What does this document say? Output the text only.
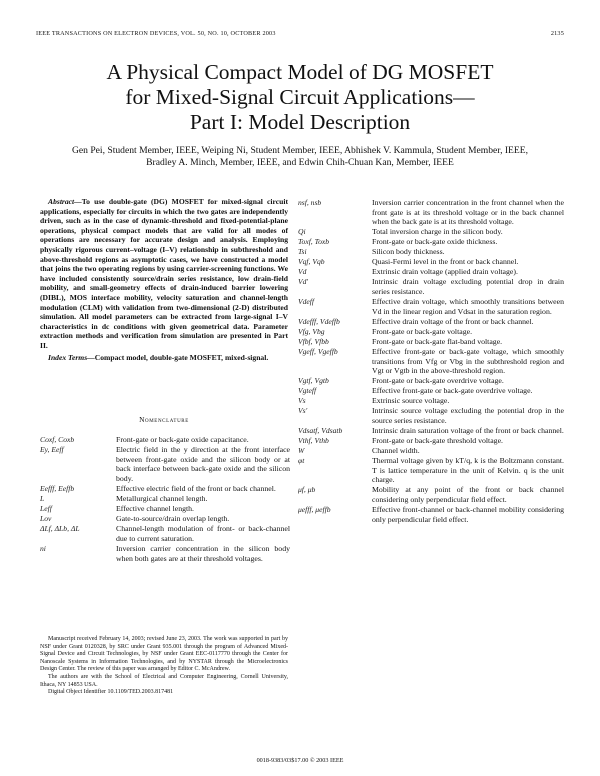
IEEE TRANSACTIONS ON ELECTRON DEVICES, VOL. 50, NO. 10, OCTOBER 2003	2135
A Physical Compact Model of DG MOSFET
for Mixed-Signal Circuit Applications—
Part I: Model Description
Gen Pei, Student Member, IEEE, Weiping Ni, Student Member, IEEE, Abhishek V. Kammula, Student Member, IEEE,
Bradley A. Minch, Member, IEEE, and Edwin Chih-Chuan Kan, Member, IEEE
Abstract—To use double-gate (DG) MOSFET for mixed-signal circuit applications, especially for circuits in which the two gates are independently driven, such as in the case of dynamic-threshold and fixed-potential-plane operations, physical compact models that are valid for all modes of operations are necessary for accurate design and analysis. Employing physically rigorous current–voltage (I–V) relationship in subthreshold and above-threshold regions as asymptotic cases, we have constructed a model that joins the two operating regions by using carrier-screening functions. We have included consistently source/drain series resistance, low drain-field mobility, and small-geometry effects of drain-induced barrier lowering (DIBL), MOS interface mobility, velocity saturation and channel-length modulation (CLM) with validation from two-dimensional (2-D) distributed simulation. All model parameters can be extracted from large-signal I–V characteristics in dc conditions with given geometrical data. Parameter extraction methods and verification from simulation are presented in Part II.
Index Terms—Compact model, double-gate MOSFET, mixed-signal.
Nomenclature
Coxf, Coxb	Front-gate or back-gate oxide capacitance.
Ey, Eeff	Electric field in the y direction at the front interface between front-gate oxide and the silicon body or at back interface between back-gate oxide and the silicon body.
Eefff, Eeffb	Effective electric field of the front or back channel.
L	Metallurgical channel length.
Leff	Effective channel length.
Lov	Gate-to-source/drain overlap length.
ΔLf, ΔLb, ΔL	Channel-length modulation of front- or back-channel due to current saturation.
ni	Inversion carrier concentration in the silicon body when both gates are at their threshold voltages.
nsf, nsb	Inversion carrier concentration in the front channel when the front gate is at its threshold voltage or in the back channel when the back gate is at its threshold voltage.
Qi	Total inversion charge in the silicon body.
Toxf, Toxb	Front-gate or back-gate oxide thickness.
Tsi	Silicon body thickness.
Vqf, Vqb	Quasi-Fermi level in the front or back channel.
Vd	Extrinsic drain voltage (applied drain voltage).
Vd'	Intrinsic drain voltage excluding potential drop in drain series resistance.
Vdeff	Effective drain voltage, which smoothly transitions between Vd in the linear region and Vdsat in the saturation region.
Vdefff, Vdeffb	Effective drain voltage of the front or back channel.
Vfg, Vbg	Front-gate or back-gate voltage.
Vfbf, Vfbb	Front-gate or back-gate flat-band voltage.
Vgeff, Vgeffb	Effective front-gate or back-gate voltage, which smoothly transitions from Vfg or Vbg in the subthreshold region and Vgt or Vgtb in the above-threshold region.
Vgtf, Vgtb	Front-gate or back-gate overdrive voltage.
Vgteff	Effective front-gate or back-gate overdrive voltage.
Vs	Extrinsic source voltage.
Vs'	Intrinsic source voltage excluding the potential drop in the source series resistance.
Vdsatf, Vdsatb	Intrinsic drain saturation voltage of the front or back channel.
Vthf, Vthb	Front-gate or back-gate threshold voltage.
W	Channel width.
φt	Thermal voltage given by kT/q, k is the Boltzmann constant. T is lattice temperature in the unit of Kelvin. q is the unit charge.
μf, μb	Mobility at any point of the front or back channel considering only perpendicular field effect.
μefff, μeffb	Effective front-channel or back-channel mobility considering only perpendicular field effect.

Manuscript received February 14, 2003; revised June 23, 2003. The work was supported in part by NSF under Grant 0120328, by SRC under Grant 935.001 through the program of Advanced Mixed-Signal Device and Circuit Technologies, by NSF under Grant EEC-0117770 through the Center for Nanoscale Systems in Information Technologies, and by NYSTAR through the Microelectronics Design Center. The review of this paper was arranged by Editor C. McAndrew.

The authors are with the School of Electrical and Computer Engineering, Cornell University, Ithaca, NY 14853 USA.

Digital Object Identifier 10.1109/TED.2003.817481

0018-9383/03$17.00 © 2003 IEEE
